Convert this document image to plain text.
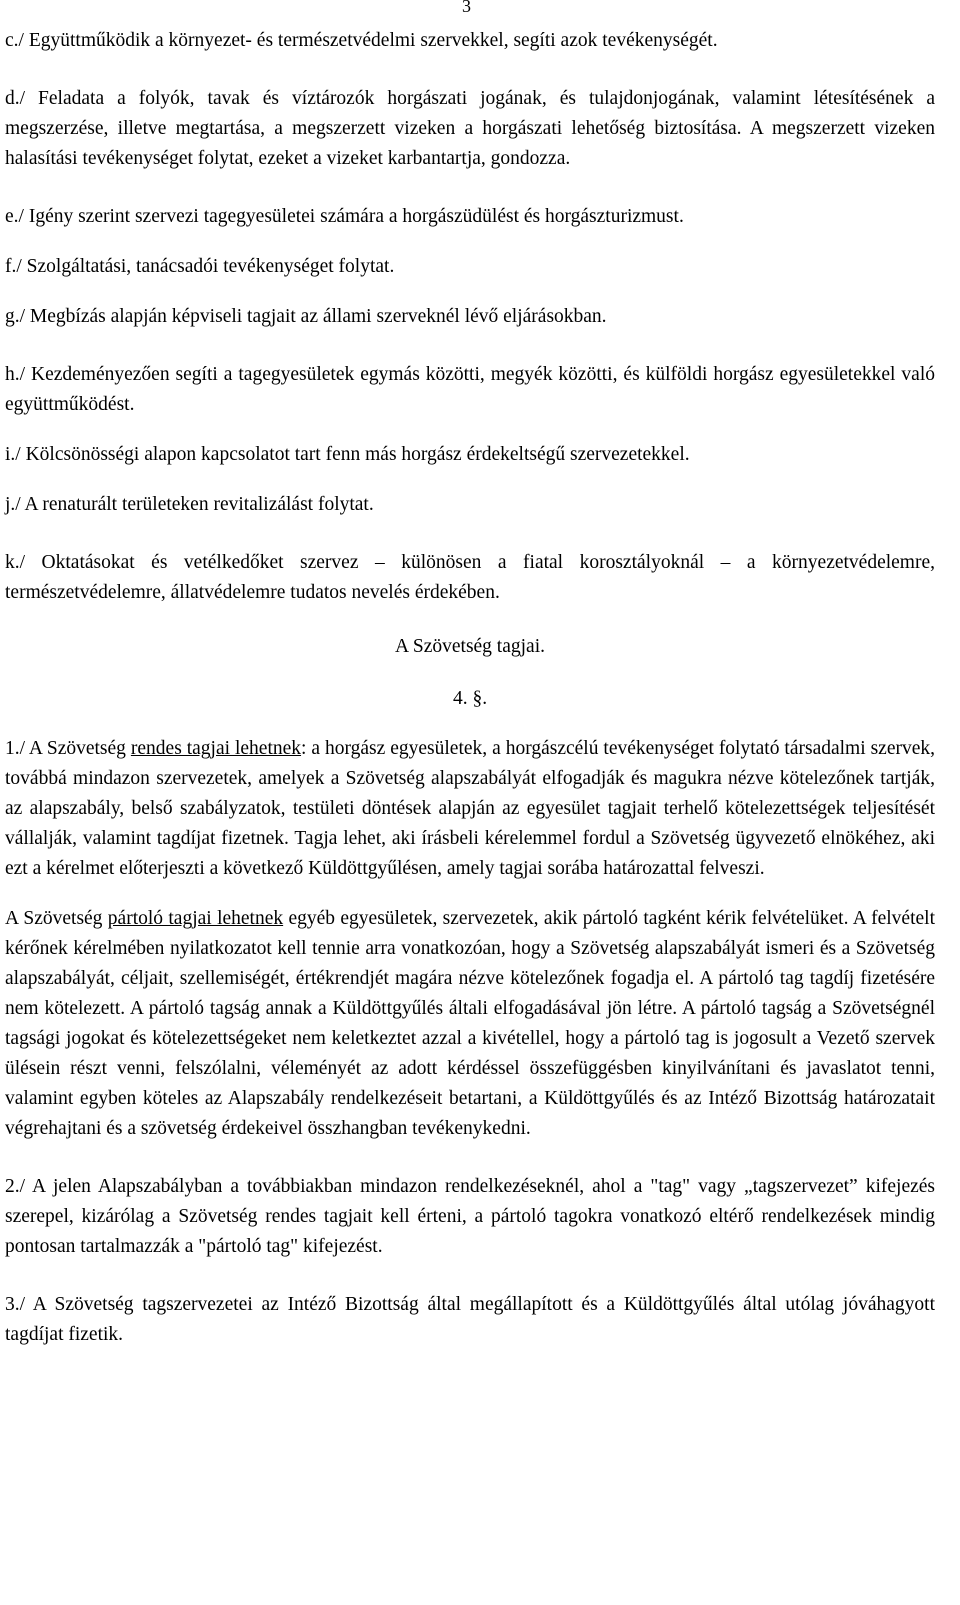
3

c./ Együttműködik a környezet- és természetvédelmi szervekkel, segíti azok tevékenységét.

d./ Feladata a folyók, tavak és víztározók horgászati jogának, és tulajdonjogának, valamint létesítésének a megszerzése, illetve megtartása, a megszerzett vizeken a horgászati lehetőség biztosítása. A megszerzett vizeken halasítási tevékenységet folytat, ezeket a vizeket karbantartja, gondozza.

e./ Igény szerint szervezi tagegyesületei számára a horgászüdülést és horgászturizmust.

f./ Szolgáltatási, tanácsadói tevékenységet folytat.

g./ Megbízás alapján képviseli tagjait az állami szerveknél lévő eljárásokban.

h./ Kezdeményezően segíti a tagegyesületek egymás közötti, megyék közötti, és külföldi horgász egyesületekkel való együttműködést.

i./ Kölcsönösségi alapon kapcsolatot tart fenn más horgász érdekeltségű szervezetekkel.

j./ A renaturált területeken revitalizálást folytat.

k./ Oktatásokat és vetélkedőket szervez – különösen a fiatal korosztályoknál – a környezetvédelemre, természetvédelemre, állatvédelemre tudatos nevelés érdekében.

A Szövetség tagjai.

4. §.

1./ A Szövetség rendes tagjai lehetnek: a horgász egyesületek, a horgászcélú tevékenységet folytató társadalmi szervek, továbbá mindazon szervezetek, amelyek a Szövetség alapszabályát elfogadják és magukra nézve kötelezőnek tartják, az alapszabály, belső szabályzatok, testületi döntések alapján az egyesület tagjait terhelő kötelezettségek teljesítését vállalják, valamint tagdíjat fizetnek. Tagja lehet, aki írásbeli kérelemmel fordul a Szövetség ügyvezető elnökéhez, aki ezt a kérelmet előterjeszti a következő Küldöttgyűlésen, amely tagjai sorába határozattal felveszi.

A Szövetség pártoló tagjai lehetnek egyéb egyesületek, szervezetek, akik pártoló tagként kérik felvételüket. A felvételt kérőnek kérelmében nyilatkozatot kell tennie arra vonatkozóan, hogy a Szövetség alapszabályát ismeri és a Szövetség alapszabályát, céljait, szellemiségét, értékrendjét magára nézve kötelezőnek fogadja el. A pártoló tag tagdíj fizetésére nem kötelezett. A pártoló tagság annak a Küldöttgyűlés általi elfogadásával jön létre. A pártoló tagság a Szövetségnél tagsági jogokat és kötelezettségeket nem keletkeztet azzal a kivétellel, hogy a pártoló tag is jogosult a Vezető szervek ülésein részt venni, felszólalni, véleményét az adott kérdéssel összefüggésben kinyilvánítani és javaslatot tenni, valamint egyben köteles az Alapszabály rendelkezéseit betartani, a Küldöttgyűlés és az Intéző Bizottság határozatait végrehajtani és a szövetség érdekeivel összhangban tevékenykedni.

2./ A jelen Alapszabályban a továbbiakban mindazon rendelkezéseknél, ahol a "tag" vagy „tagszervezet” kifejezés szerepel, kizárólag a Szövetség rendes tagjait kell érteni, a pártoló tagokra vonatkozó eltérő rendelkezések mindig pontosan tartalmazzák a "pártoló tag" kifejezést.

3./ A Szövetség tagszervezetei az Intéző Bizottság által megállapított és a Küldöttgyűlés által utólag jóváhagyott tagdíjat fizetik.
